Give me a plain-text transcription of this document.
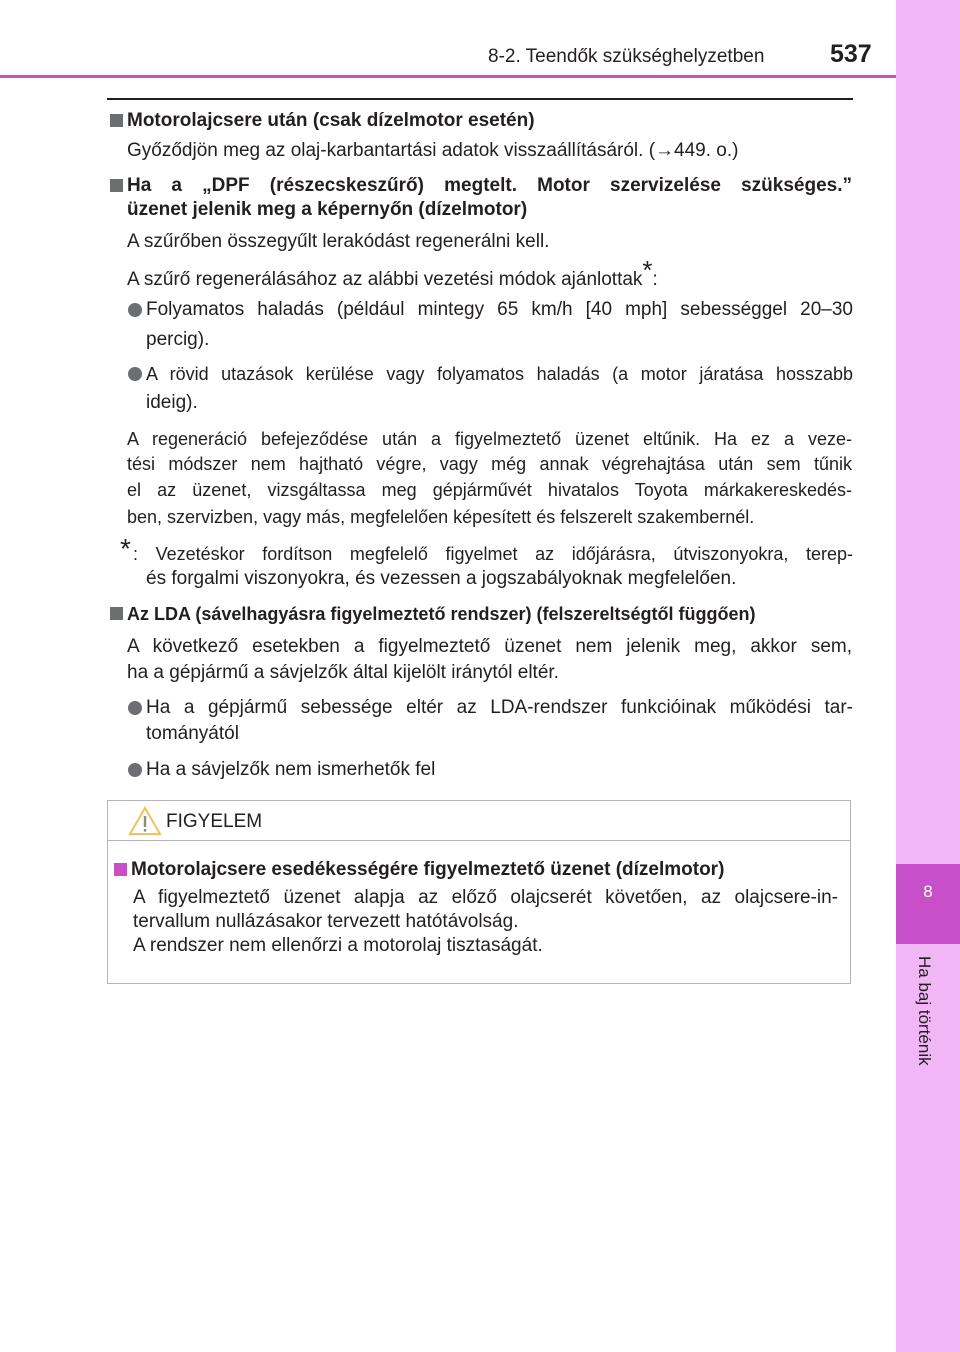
8
Ha baj történik
8-2. Teendők szükséghelyzetben	537
Motorolajcsere után (csak dízelmotor esetén)
Győződjön meg az olaj-karbantartási adatok visszaállításáról. (→449. o.)
Ha a „DPF (részecskeszűrő) megtelt. Motor szervizelése szükséges.”
üzenet jelenik meg a képernyőn (dízelmotor)
A szűrőben összegyűlt lerakódást regenerálni kell.
A szűrő regenerálásához az alábbi vezetési módok ajánlottak*:
Folyamatos haladás (például mintegy 65 km/h [40 mph] sebességgel 20–30
percig).
A rövid utazások kerülése vagy folyamatos haladás (a motor járatása hosszabb
ideig).
A regeneráció befejeződése után a figyelmeztető üzenet eltűnik. Ha ez a veze-
tési módszer nem hajtható végre, vagy még annak végrehajtása után sem tűnik
el az üzenet, vizsgáltassa meg gépjárművét hivatalos Toyota márkakereskedés-
ben, szervizben, vagy más, megfelelően képesített és felszerelt szakembernél.
* : Vezetéskor fordítson megfelelő figyelmet az időjárásra, útviszonyokra, terep-
és forgalmi viszonyokra, és vezessen a jogszabályoknak megfelelően.
Az LDA (sávelhagyásra figyelmeztető rendszer) (felszereltségtől függően)
A következő esetekben a figyelmeztető üzenet nem jelenik meg, akkor sem,
ha a gépjármű a sávjelzők által kijelölt iránytól eltér.
Ha a gépjármű sebessége eltér az LDA-rendszer funkcióinak működési tar-
tományától
Ha a sávjelzők nem ismerhetők fel
FIGYELEM
Motorolajcsere esedékességére figyelmeztető üzenet (dízelmotor)
A figyelmeztető üzenet alapja az előző olajcserét követően, az olajcsere-in-
tervallum nullázásakor tervezett hatótávolság.
A rendszer nem ellenőrzi a motorolaj tisztaságát.
